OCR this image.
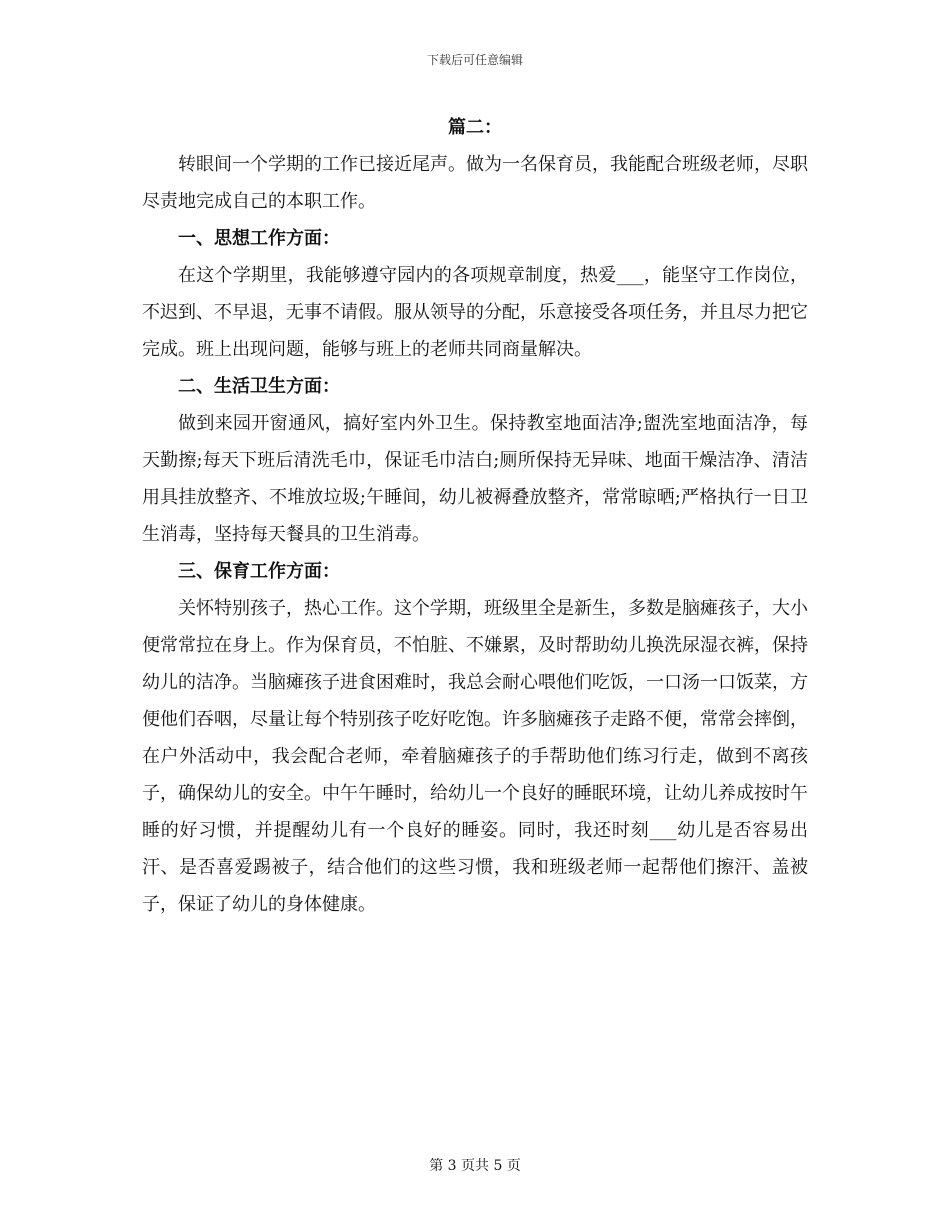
下载后可任意编辑

篇二：

转眼间一个学期的工作已接近尾声。做为一名保育员，我能配合班级老师，尽职尽责地完成自己的本职工作。

一、思想工作方面：

在这个学期里，我能够遵守园内的各项规章制度，热爱___，能坚守工作岗位，不迟到、不早退，无事不请假。服从领导的分配，乐意接受各项任务，并且尽力把它完成。班上出现问题，能够与班上的老师共同商量解决。

二、生活卫生方面：

做到来园开窗通风，搞好室内外卫生。保持教室地面洁净;盥洗室地面洁净，每天勤擦;每天下班后清洗毛巾，保证毛巾洁白;厕所保持无异味、地面干燥洁净、清洁用具挂放整齐、不堆放垃圾;午睡间，幼儿被褥叠放整齐，常常晾晒;严格执行一日卫生消毒，坚持每天餐具的卫生消毒。

三、保育工作方面：

关怀特别孩子，热心工作。这个学期，班级里全是新生，多数是脑瘫孩子，大小便常常拉在身上。作为保育员，不怕脏、不嫌累，及时帮助幼儿换洗尿湿衣裤，保持幼儿的洁净。当脑瘫孩子进食困难时，我总会耐心喂他们吃饭，一口汤一口饭菜，方便他们吞咽，尽量让每个特别孩子吃好吃饱。许多脑瘫孩子走路不便，常常会摔倒，在户外活动中，我会配合老师，牵着脑瘫孩子的手帮助他们练习行走，做到不离孩子，确保幼儿的安全。中午午睡时，给幼儿一个良好的睡眠环境，让幼儿养成按时午睡的好习惯，并提醒幼儿有一个良好的睡姿。同时，我还时刻___幼儿是否容易出汗、是否喜爱踢被子，结合他们的这些习惯，我和班级老师一起帮他们擦汗、盖被子，保证了幼儿的身体健康。

第 3 页共 5 页
